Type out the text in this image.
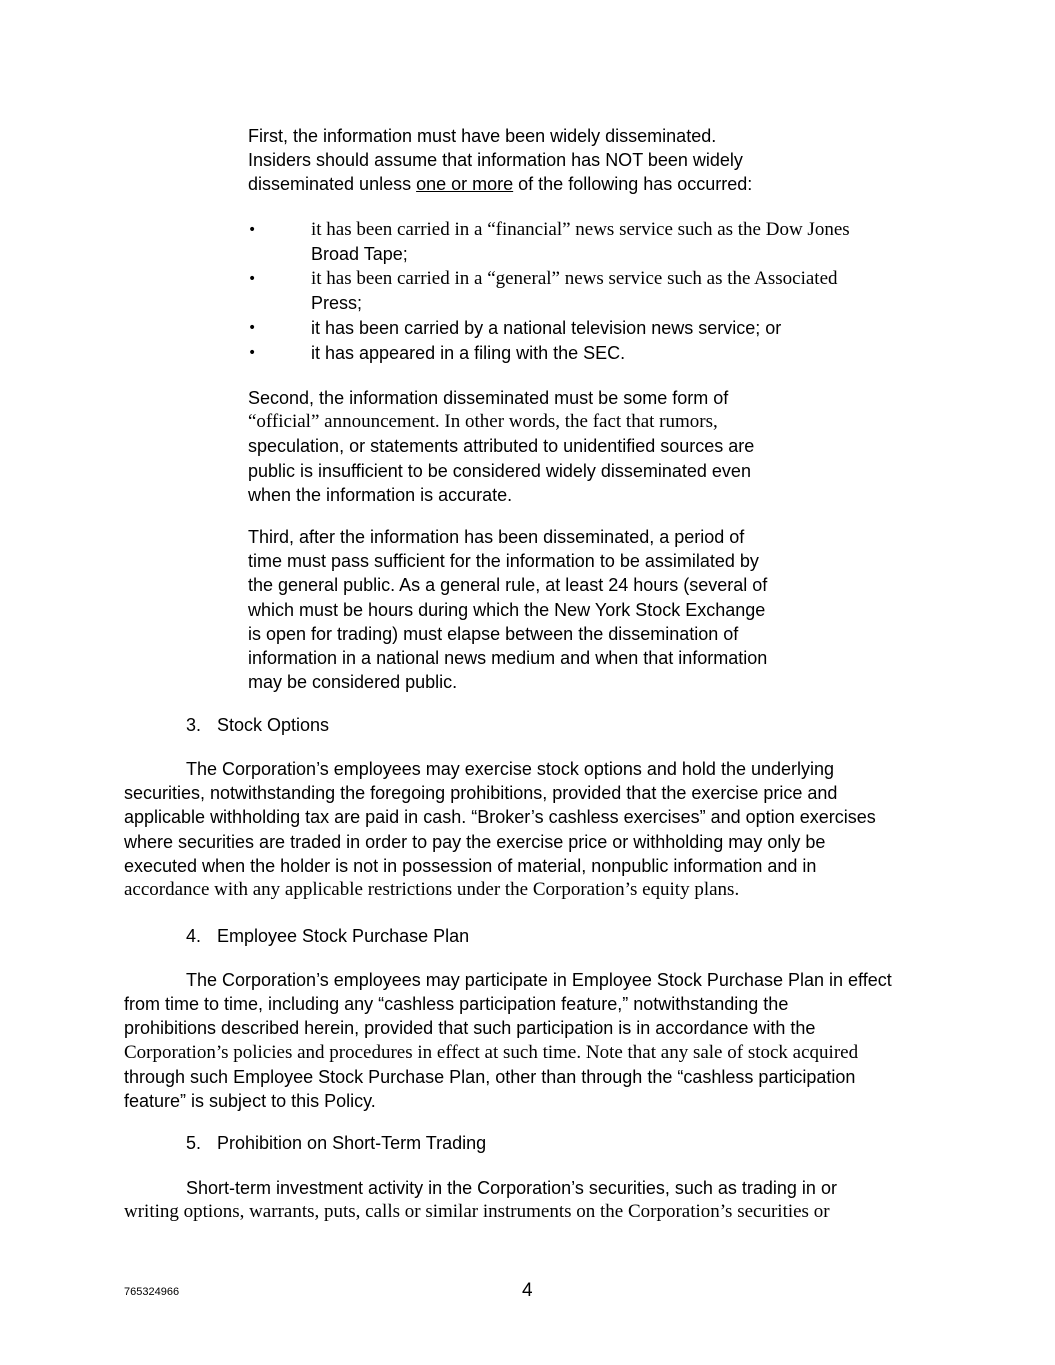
First, the information must have been widely disseminated.
Insiders should assume that information has NOT been widely
disseminated unless one or more of the following has occurred:
•	it has been carried in a “financial” news service such as the Dow Jones
Broad Tape;
•	it has been carried in a “general” news service such as the Associated
Press;
•	it has been carried by a national television news service; or
•	it has appeared in a filing with the SEC.
Second, the information disseminated must be some form of
“official” announcement. In other words, the fact that rumors,
speculation, or statements attributed to unidentified sources are
public is insufficient to be considered widely disseminated even
when the information is accurate.
Third, after the information has been disseminated, a period of
time must pass sufficient for the information to be assimilated by
the general public. As a general rule, at least 24 hours (several of
which must be hours during which the New York Stock Exchange
is open for trading) must elapse between the dissemination of
information in a national news medium and when that information
may be considered public.
3. Stock Options
The Corporation’s employees may exercise stock options and hold the underlying
securities, notwithstanding the foregoing prohibitions, provided that the exercise price and
applicable withholding tax are paid in cash. “Broker’s cashless exercises” and option exercises
where securities are traded in order to pay the exercise price or withholding may only be
executed when the holder is not in possession of material, nonpublic information and in
accordance with any applicable restrictions under the Corporation’s equity plans.
4. Employee Stock Purchase Plan
The Corporation’s employees may participate in Employee Stock Purchase Plan in effect
from time to time, including any “cashless participation feature,” notwithstanding the
prohibitions described herein, provided that such participation is in accordance with the
Corporation’s policies and procedures in effect at such time. Note that any sale of stock acquired
through such Employee Stock Purchase Plan, other than through the “cashless participation
feature” is subject to this Policy.
5. Prohibition on Short-Term Trading
Short-term investment activity in the Corporation’s securities, such as trading in or
writing options, warrants, puts, calls or similar instruments on the Corporation’s securities or
765324966	4
